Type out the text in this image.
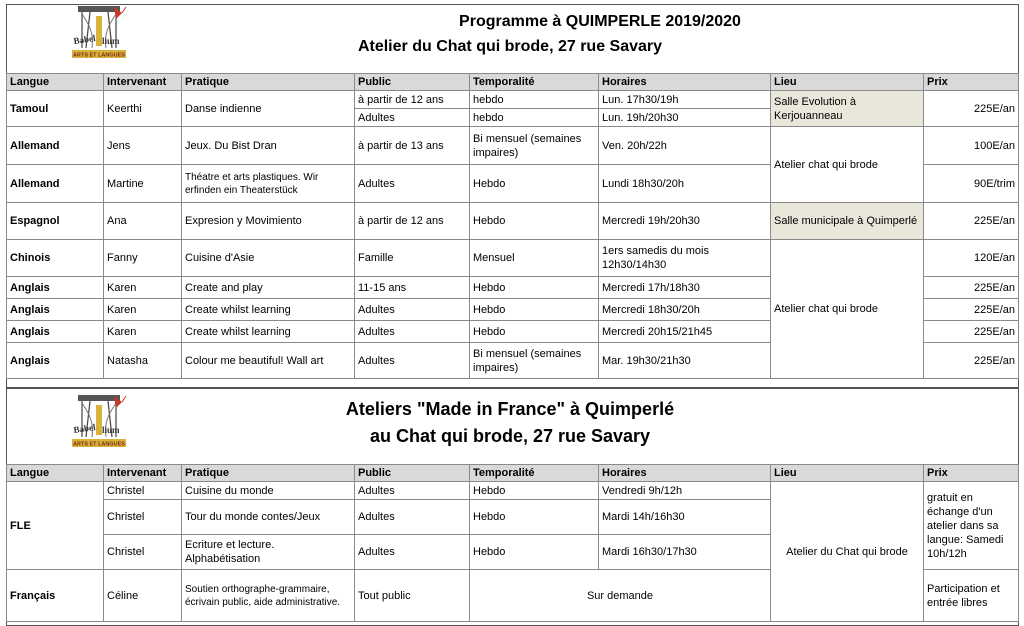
Babel lium
ARTS ET LANGUES
Babel lium
ARTS ET LANGUES
Programme à QUIMPERLE 2019/2020
Atelier du Chat qui brode, 27 rue Savary
Langue	Intervenant	Pratique	Public	Temporalité	Horaires	Lieu	Prix
Tamoul	Keerthi	Danse indienne	à partir de 12 ans	hebdo	Lun. 17h30/19h	Salle Evolution à Kerjouanneau	225E/an
			Adultes	hebdo	Lun. 19h/20h30		
Allemand	Jens	Jeux. Du Bist Dran	à partir de 13 ans	Bi mensuel (semaines impaires)	Ven. 20h/22h	Atelier chat qui brode	100E/an
Allemand	Martine	Théatre et arts plastiques. Wir erfinden ein Theaterstück	Adultes	Hebdo	Lundi 18h30/20h		90E/trim
Espagnol	Ana	Expresion y Movimiento	à partir de 12 ans	Hebdo	Mercredi 19h/20h30	Salle municipale à Quimperlé	225E/an
Chinois	Fanny	Cuisine d'Asie	Famille	Mensuel	1ers samedis du mois 12h30/14h30	Atelier chat qui brode	120E/an
Anglais	Karen	Create and play	11-15 ans	Hebdo	Mercredi 17h/18h30		225E/an
Anglais	Karen	Create whilst learning	Adultes	Hebdo	Mercredi 18h30/20h		225E/an
Anglais	Karen	Create whilst learning	Adultes	Hebdo	Mercredi 20h15/21h45		225E/an
Anglais	Natasha	Colour me beautiful! Wall art	Adultes	Bi mensuel (semaines impaires)	Mar. 19h30/21h30		225E/an
Ateliers "Made in France" à Quimperlé
au Chat qui brode, 27 rue Savary
Langue	Intervenant	Pratique	Public	Temporalité	Horaires	Lieu	Prix
FLE	Christel	Cuisine du monde	Adultes	Hebdo	Vendredi 9h/12h	Atelier du Chat qui brode	gratuit en échange d'un atelier dans sa langue: Samedi 10h/12h
	Christel	Tour du monde contes/Jeux	Adultes	Hebdo	Mardi 14h/16h30		
	Christel	Ecriture et lecture. Alphabétisation	Adultes	Hebdo	Mardi 16h30/17h30		
Français	Céline	Soutien orthographe-grammaire, écrivain public, aide administrative.	Tout public	Sur demande			Participation et entrée libres
